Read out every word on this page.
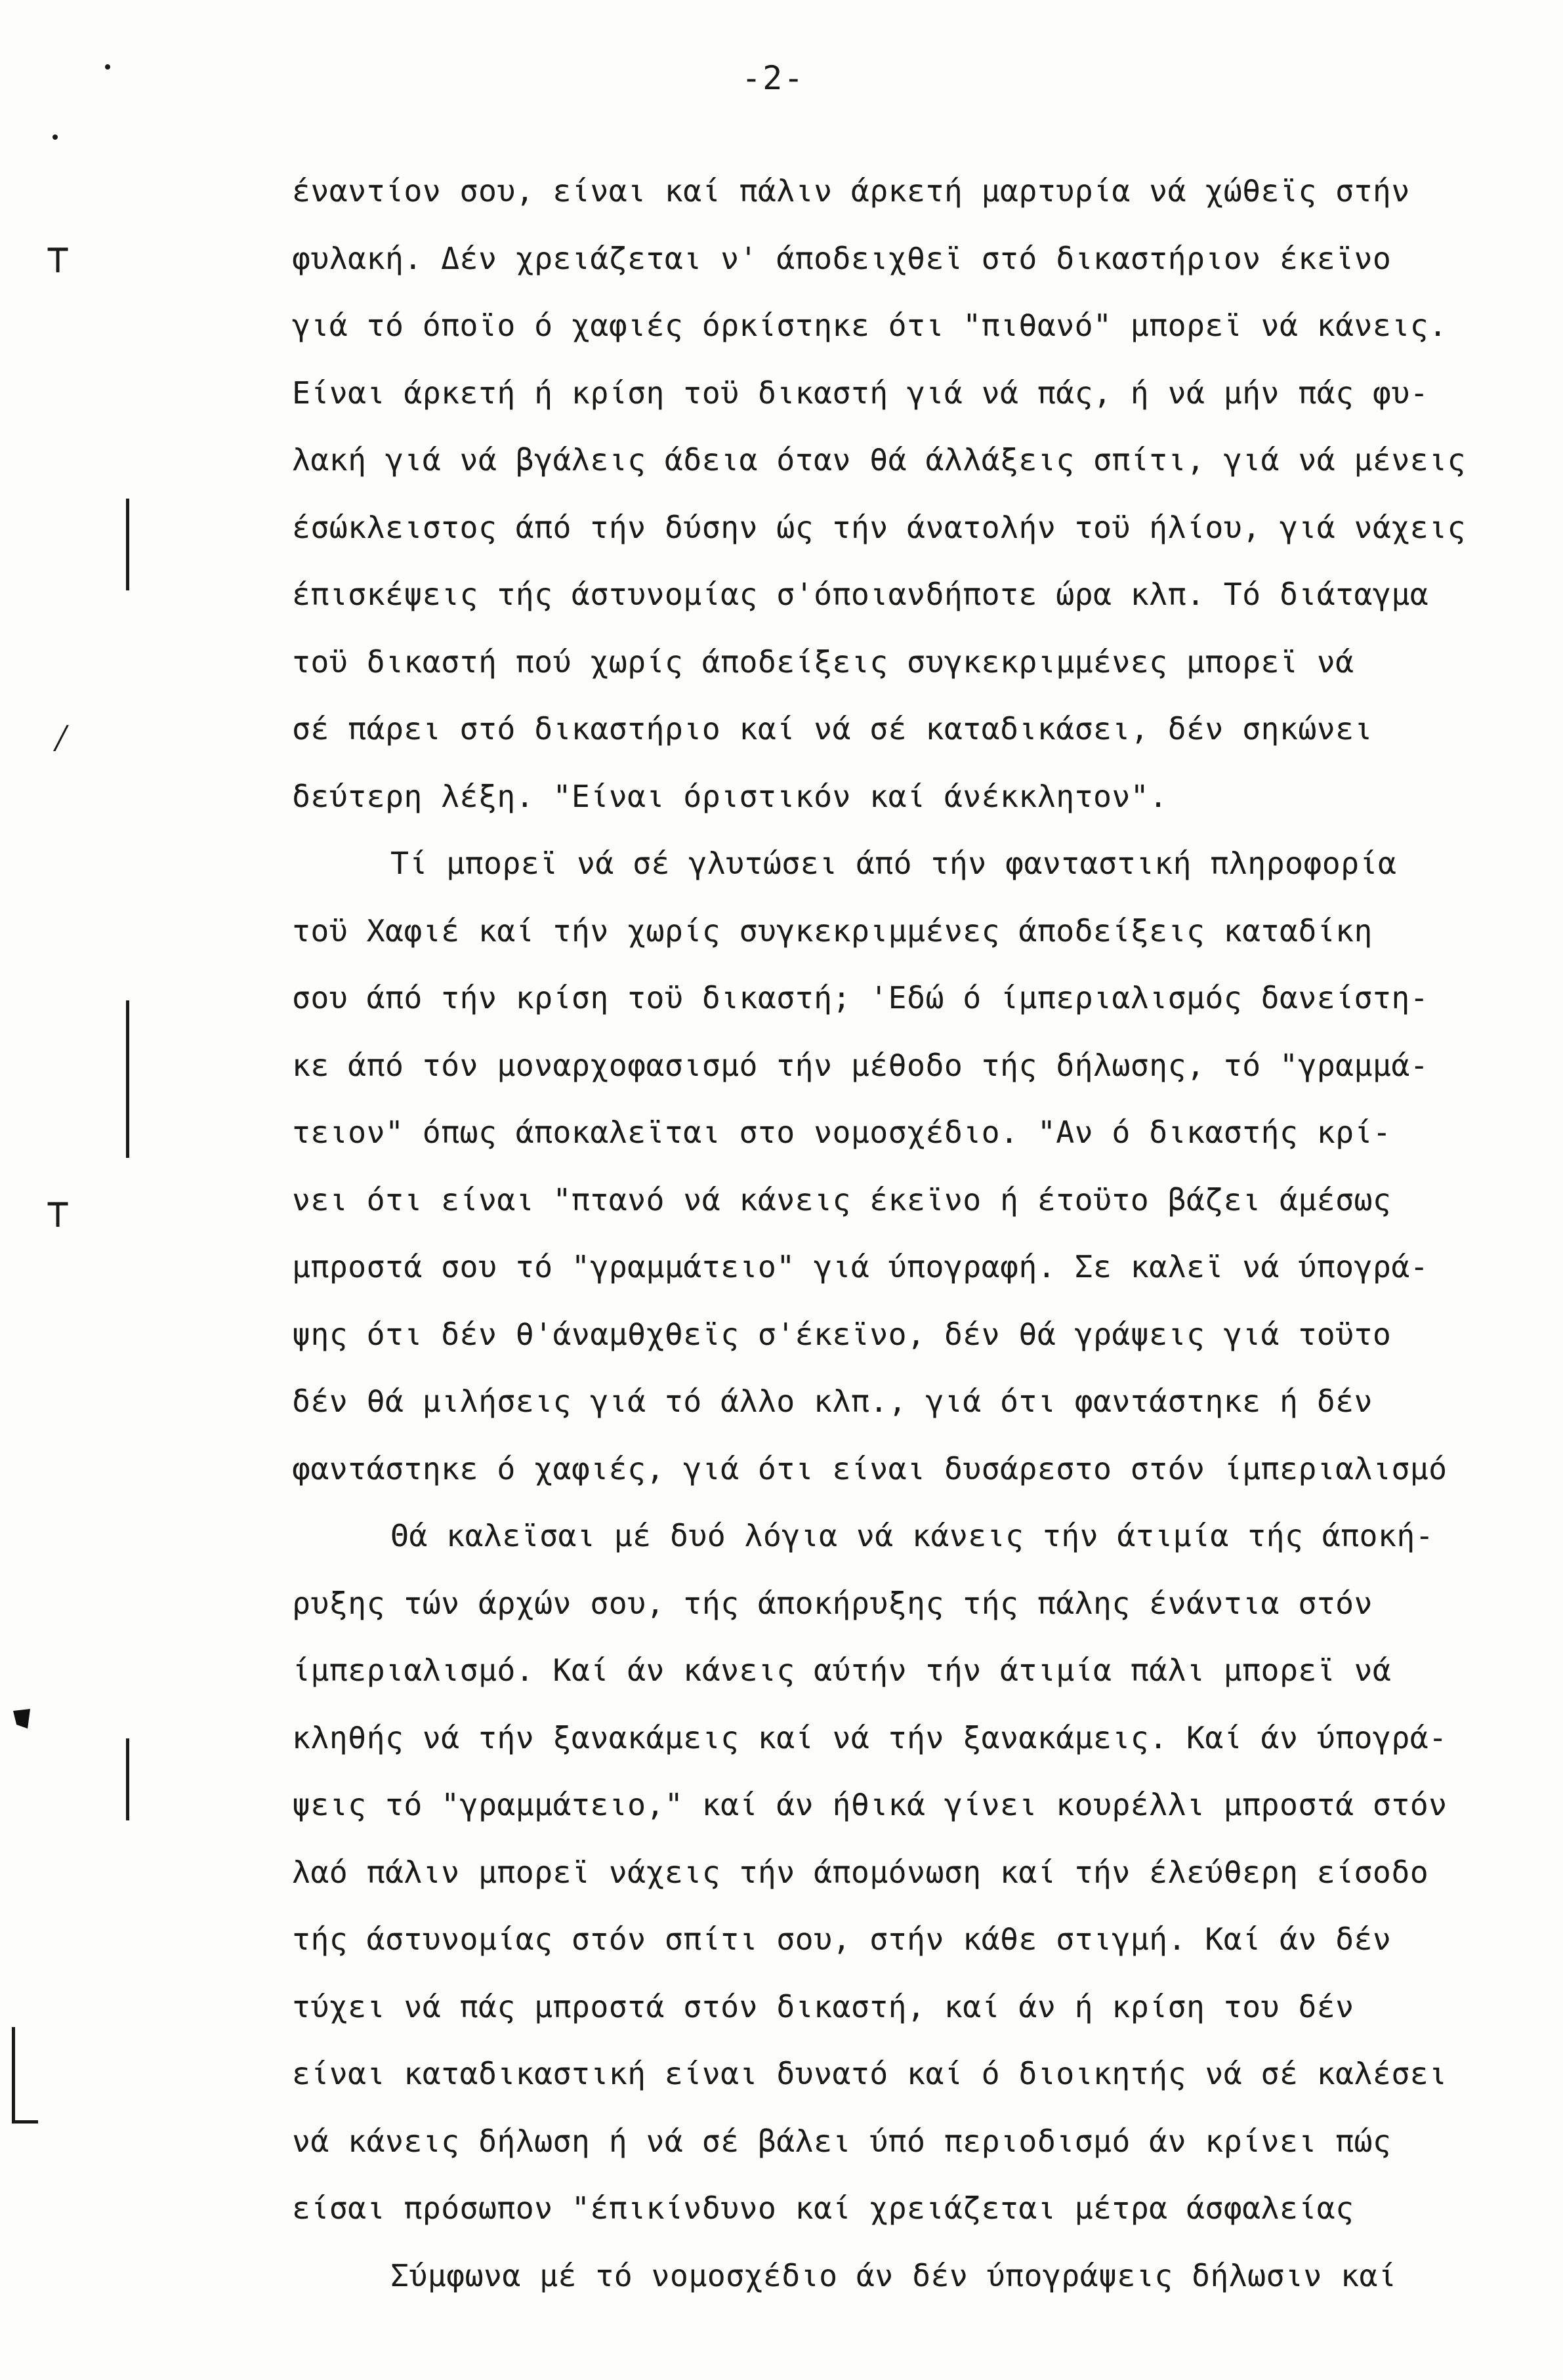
-2-
⊤
⁄
⊤
έναντίον σου, είναι καί πάλιν άρκετή μαρτυρία νά χώθεϊς στήν
φυλακή. Δέν χρειάζεται ν' άποδειχθεϊ στό δικαστήριον έκεϊνο
γιά τό όποϊο ό χαφιές όρκίστηκε ότι "πιθανό" μπορεϊ νά κάνεις.
Είναι άρκετή ή κρίση τοϋ δικαστή γιά νά πάς, ή νά μήν πάς φυ-
λακή γιά νά βγάλεις άδεια όταν θά άλλάξεις σπίτι, γιά νά μένεις
έσώκλειστος άπό τήν δύσην ώς τήν άνατολήν τοϋ ήλίου, γιά νάχεις
έπισκέψεις τής άστυνομίας σ'όποιανδήποτε ώρα κλπ. Τό διάταγμα
τοϋ δικαστή πού χωρίς άποδείξεις συγκεκριμμένες μπορεϊ νά
σέ πάρει στό δικαστήριο καί νά σέ καταδικάσει, δέν σηκώνει
δεύτερη λέξη. "Είναι όριστικόν καί άνέκκλητον".
Τί μπορεϊ νά σέ γλυτώσει άπό τήν φανταστική πληροφορία
τοϋ Χαφιέ καί τήν χωρίς συγκεκριμμένες άποδείξεις καταδίκη
σου άπό τήν κρίση τοϋ δικαστή; 'Εδώ ό ίμπεριαλισμός δανείστη-
κε άπό τόν μοναρχοφασισμό τήν μέθοδο τής δήλωσης, τό "γραμμά-
τειον" όπως άποκαλεϊται στο νομοσχέδιο. "Αν ό δικαστής κρί-
νει ότι είναι "πτανό νά κάνεις έκεϊνο ή έτοϋτο βάζει άμέσως
μπροστά σου τό "γραμμάτειο" γιά ύπογραφή. Σε καλεϊ νά ύπογρά-
ψης ότι δέν θ'άναμθχθεϊς σ'έκεϊνο, δέν θά γράψεις γιά τοϋτο
δέν θά μιλήσεις γιά τό άλλο κλπ., γιά ότι φαντάστηκε ή δέν
φαντάστηκε ό χαφιές, γιά ότι είναι δυσάρεστο στόν ίμπεριαλισμό
Θά καλεϊσαι μέ δυό λόγια νά κάνεις τήν άτιμία τής άποκή-
ρυξης τών άρχών σου, τής άποκήρυξης τής πάλης ένάντια στόν
ίμπεριαλισμό. Καί άν κάνεις αύτήν τήν άτιμία πάλι μπορεϊ νά
κληθής νά τήν ξανακάμεις καί νά τήν ξανακάμεις. Καί άν ύπογρά-
ψεις τό "γραμμάτειο," καί άν ήθικά γίνει κουρέλλι μπροστά στόν
λαό πάλιν μπορεϊ νάχεις τήν άπομόνωση καί τήν έλεύθερη είσοδο
τής άστυνομίας στόν σπίτι σου, στήν κάθε στιγμή. Καί άν δέν
τύχει νά πάς μπροστά στόν δικαστή, καί άν ή κρίση του δέν
είναι καταδικαστική είναι δυνατό καί ό διοικητής νά σέ καλέσει
νά κάνεις δήλωση ή νά σέ βάλει ύπό περιοδισμό άν κρίνει πώς
είσαι πρόσωπον "έπικίνδυνο καί χρειάζεται μέτρα άσφαλείας
Σύμφωνα μέ τό νομοσχέδιο άν δέν ύπογράψεις δήλωσιν καί
